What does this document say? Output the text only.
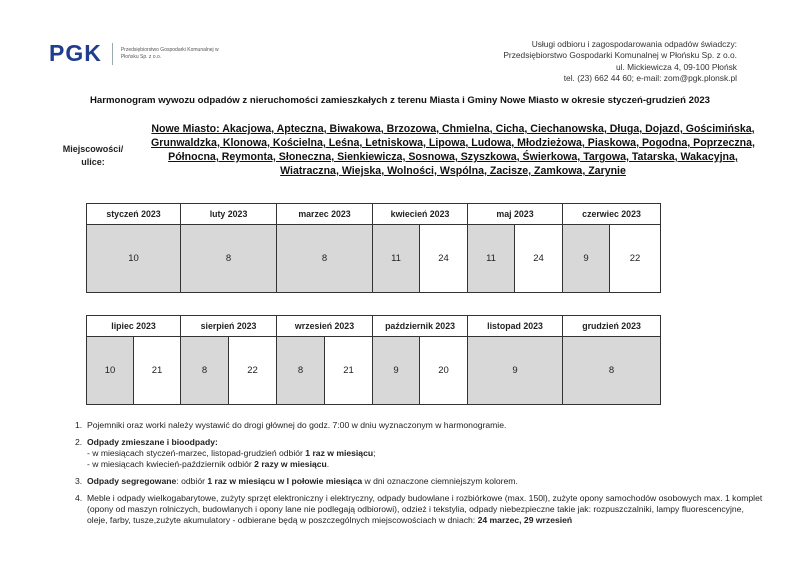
PGK	Przedsiębiorstwo Gospodarki Komunalnej w Płońsku Sp. z o.o.
Usługi odbioru i zagospodarowania odpadów świadczy:
Przedsiębiorstwo Gospodarki Komunalnej w Płońsku Sp. z o.o.
ul. Mickiewicza 4, 09-100 Płońsk
tel. (23) 662 44 60; e-mail: zom@pgk.plonsk.pl
Harmonogram wywozu odpadów z nieruchomości zamieszkałych z terenu Miasta i Gminy Nowe Miasto w okresie styczeń-grudzień 2023
Miejscowości/ ulice:
Nowe Miasto: Akacjowa, Apteczna, Biwakowa, Brzozowa, Chmielna, Cicha, Ciechanowska, Długa, Dojazd, Gościmińska, Grunwaldzka, Klonowa, Kościelna, Leśna, Letniskowa, Lipowa, Ludowa, Młodzieżowa, Piaskowa, Pogodna, Poprzeczna, Północna, Reymonta, Słoneczna, Sienkiewicza, Sosnowa, Szyszkowa, Świerkowa, Targowa, Tatarska, Wakacyjna, Wiatraczna, Wiejska, Wolności, Wspólna, Zacisze, Zamkowa, Zarynie
styczeń 2023	luty 2023	marzec 2023	kwiecień 2023		maj 2023		czerwiec 2023	
10	8	8	11	24	11	24	9	22
lipiec 2023		sierpień 2023		wrzesień 2023		październik 2023		listopad 2023	grudzień 2023
10	21	8	22	8	21	9	20	9	8
1. Pojemniki oraz worki należy wystawić do drogi głównej do godz. 7:00 w dniu wyznaczonym w harmonogramie.
2. Odpady zmieszane i bioodpady:
- w miesiącach styczeń-marzec, listopad-grudzień odbiór 1 raz w miesiącu;
- w miesiącach kwiecień-październik odbiór 2 razy w miesiącu.
3. Odpady segregowane: odbiór 1 raz w miesiącu w I połowie miesiąca w dni oznaczone ciemniejszym kolorem.
4. Meble i odpady wielkogabarytowe, zużyty sprzęt elektroniczny i elektryczny, odpady budowlane i rozbiórkowe (max. 150l), zużyte opony samochodów osobowych max. 1 komplet (opony od maszyn rolniczych, budowlanych i opony lane nie podlegają odbiorowi), odzież i tekstylia, odpady niebezpieczne takie jak: rozpuszczalniki, lampy fluorescencyjne, oleje, farby, tusze,zużyte akumulatory - odbierane będą w poszczególnych miejscowościach w dniach: 24 marzec, 29 wrzesień
